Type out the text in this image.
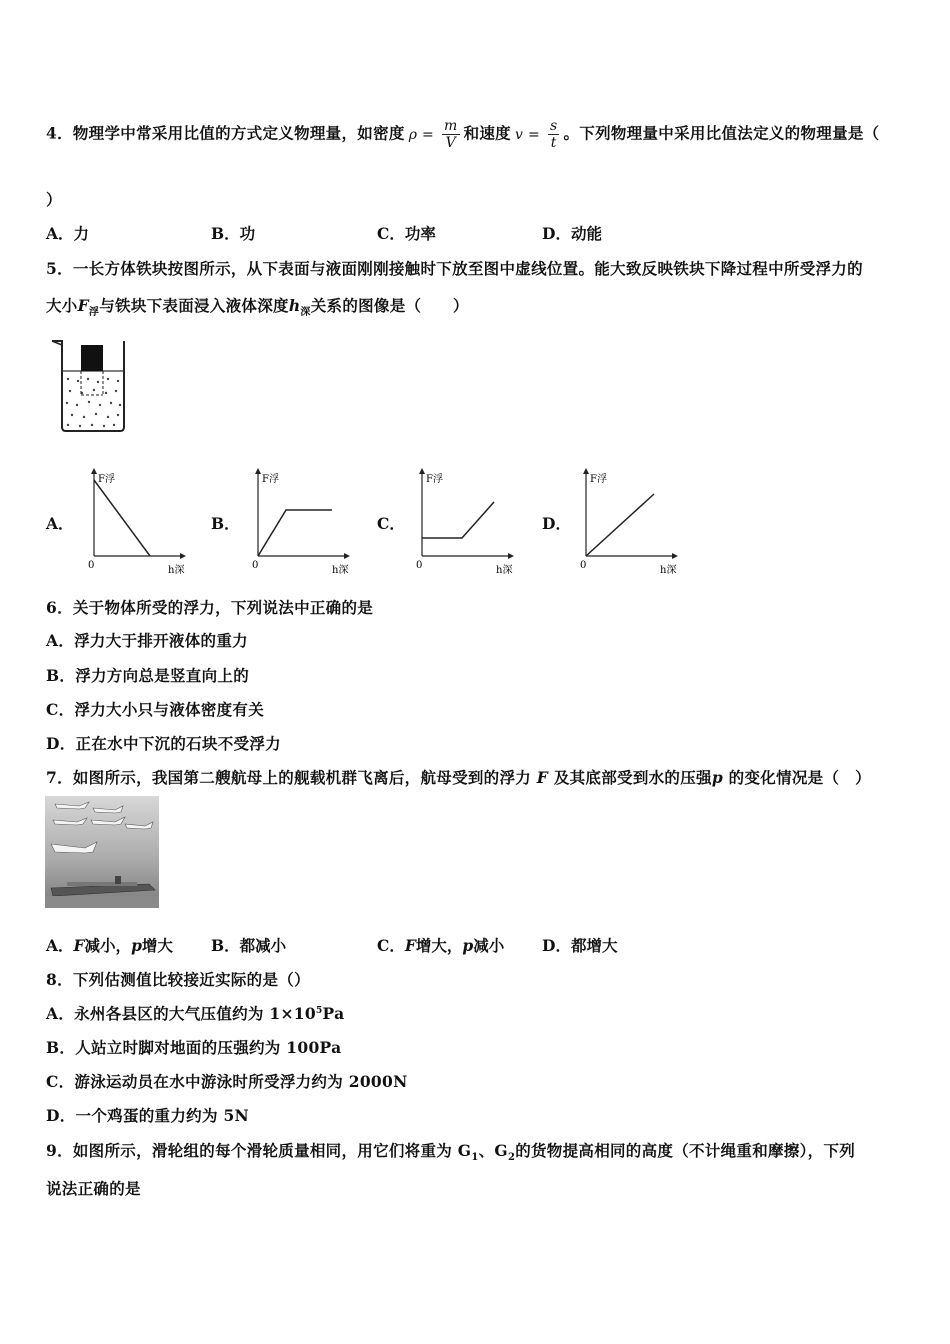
4．物理学中常采用比值的方式定义物理量，如密度 $\rho = \frac{m}{V}$ 和速度 $v = \frac{s}{t}$ 。下列物理量中采用比值法定义的物理量是（
）
A．力	B．功	C．功率	D．动能
5．一长方体铁块按图所示，从下表面与液面刚刚接触时下放至图中虚线位置。能大致反映铁块下降过程中所受浮力的
大小$F_浮$与铁块下表面浸入液体深度$h_深$关系的图像是（　　）
A．	B．	C．	D．
F浮
h深
0
F浮
h深
0
F浮
h深
0
F浮
h深
0
6．关于物体所受的浮力，下列说法中正确的是
A．浮力大于排开液体的重力
B．浮力方向总是竖直向上的
C．浮力大小只与液体密度有关
D．正在水中下沉的石块不受浮力
7．如图所示，我国第二艘航母上的舰载机群飞离后，航母受到的浮力 F 及其底部受到水的压强p 的变化情况是（　）
A．F减小，p增大 B．都减小	C．F增大，p减小 D．都增大
8．下列估测值比较接近实际的是（）
A．永州各县区的大气压值约为 $1\times 10^5Pa$
B．人站立时脚对地面的压强约为 100Pa
C．游泳运动员在水中游泳时所受浮力约为 2000N
D．一个鸡蛋的重力约为 5N
9．如图所示，滑轮组的每个滑轮质量相同，用它们将重为 $G_1$、$G_2$的货物提高相同的高度（不计绳重和摩擦），下列
说法正确的是
